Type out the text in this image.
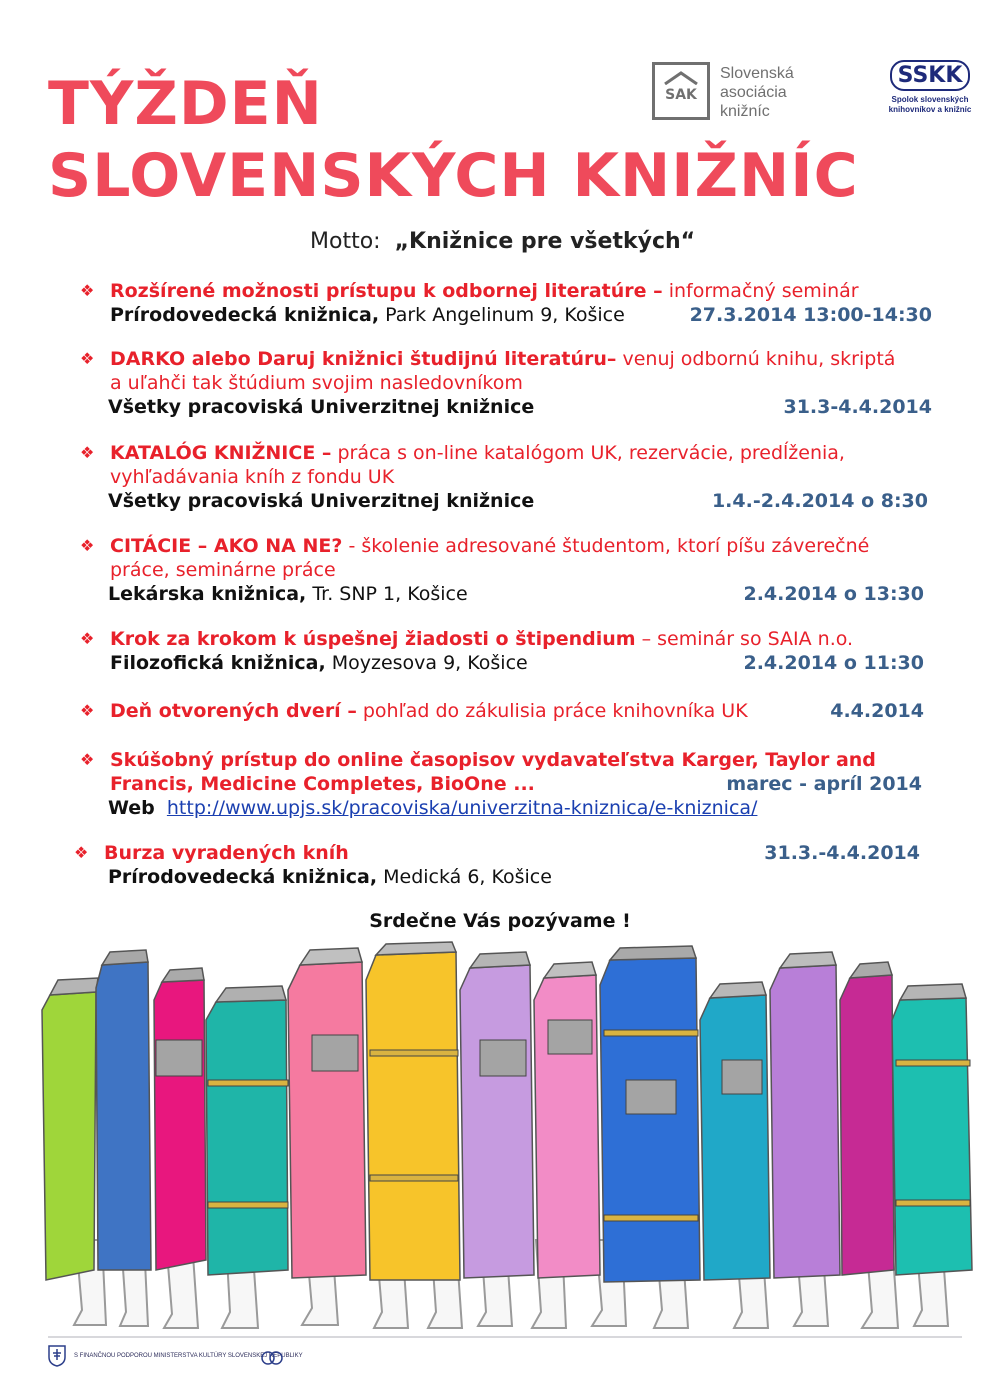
TÝŽDEŇ
SLOVENSKÝCH KNIŽNÍC
SAK
Slovenská
asociácia
knižníc
SSKK
Spolok slovenských
knihovníkov a knižníc
Motto: „Knižnice pre všetkých“
❖ Rozšírené možnosti prístupu k odbornej literatúre – informačný seminár
Prírodovedecká knižnica, Park Angelinum 9, Košice	27.3.2014 13:00-14:30
❖ DARKO alebo Daruj knižnici študijnú literatúru– venuj odbornú knihu, skriptá
a uľahči tak štúdium svojim nasledovníkom
Všetky pracoviská Univerzitnej knižnice	31.3-4.4.2014
❖ KATALÓG KNIŽNICE – práca s on-line katalógom UK, rezervácie, predĺženia,
vyhľadávania kníh z fondu UK
Všetky pracoviská Univerzitnej knižnice	1.4.-2.4.2014 o 8:30
❖ CITÁCIE – AKO NA NE? - školenie adresované študentom, ktorí píšu záverečné
práce, seminárne práce
Lekárska knižnica, Tr. SNP 1, Košice	2.4.2014 o 13:30
❖ Krok za krokom k úspešnej žiadosti o štipendium – seminár so SAIA n.o.
Filozofická knižnica, Moyzesova 9, Košice	2.4.2014 o 11:30
❖ Deň otvorených dverí – pohľad do zákulisia práce knihovníka UK	4.4.2014
❖ Skúšobný prístup do online časopisov vydavateľstva Karger, Taylor and
Francis, Medicine Completes, BioOne ...	marec - apríl 2014
Web http://www.upjs.sk/pracoviska/univerzitna-kniznica/e-kniznica/
❖ Burza vyradených kníh	31.3.-4.4.2014
Prírodovedecká knižnica, Medická 6, Košice
Srdečne Vás pozývame !
S FINANČNOU PODPOROU MINISTERSTVA KULTÚRY SLOVENSKEJ REPUBLIKY
